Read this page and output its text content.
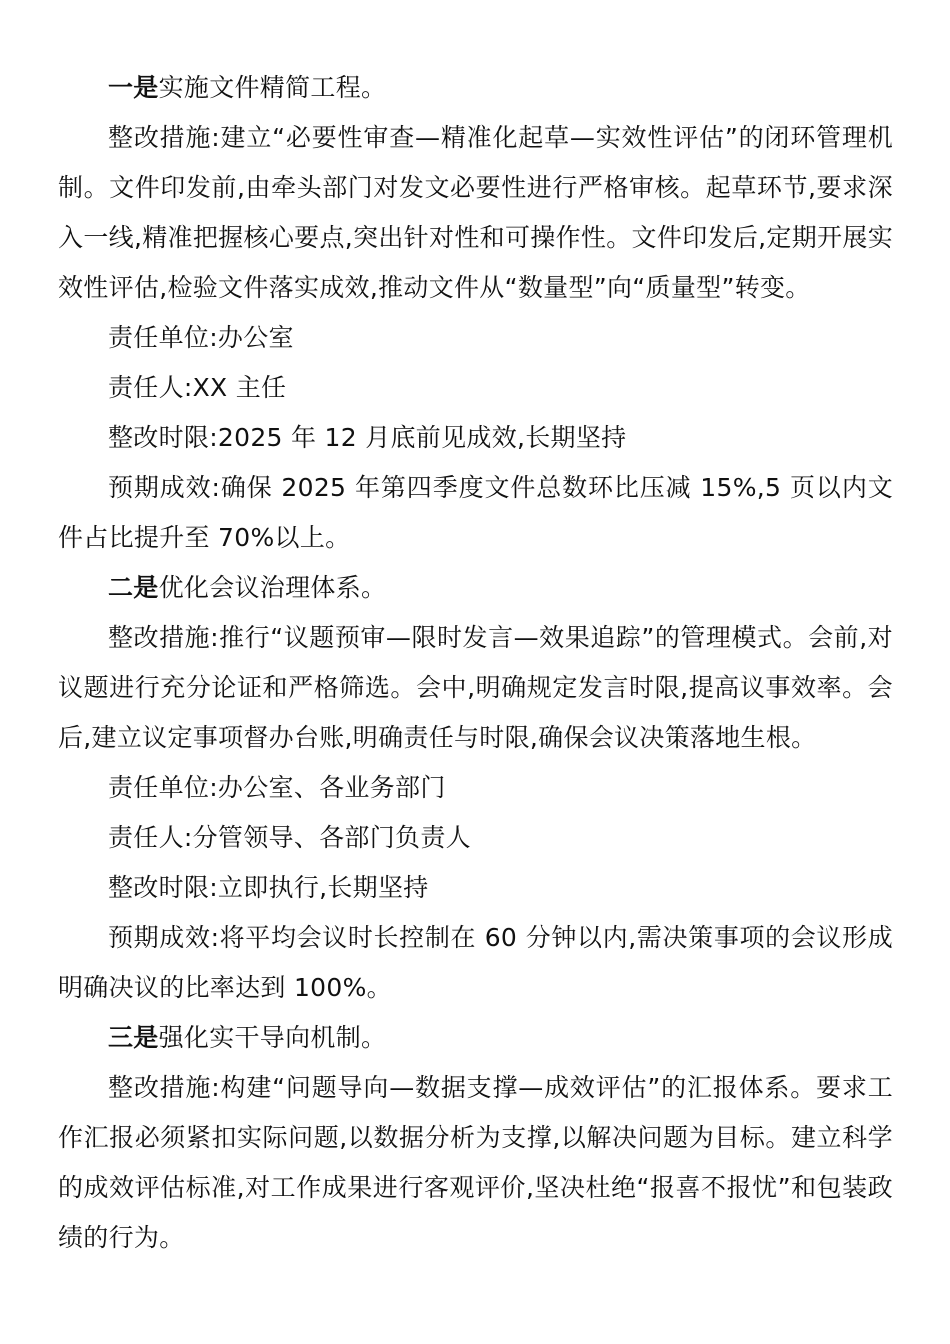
一是实施文件精简工程。

整改措施:建立“必要性审查—精准化起草—实效性评估”的闭环管理机制。文件印发前,由牵头部门对发文必要性进行严格审核。起草环节,要求深入一线,精准把握核心要点,突出针对性和可操作性。文件印发后,定期开展实效性评估,检验文件落实成效,推动文件从“数量型”向“质量型”转变。

责任单位:办公室

责任人:XX 主任

整改时限:2025 年 12 月底前见成效,长期坚持

预期成效:确保 2025 年第四季度文件总数环比压减 15%,5 页以内文件占比提升至 70%以上。

二是优化会议治理体系。

整改措施:推行“议题预审—限时发言—效果追踪”的管理模式。会前,对议题进行充分论证和严格筛选。会中,明确规定发言时限,提高议事效率。会后,建立议定事项督办台账,明确责任与时限,确保会议决策落地生根。

责任单位:办公室、各业务部门

责任人:分管领导、各部门负责人

整改时限:立即执行,长期坚持

预期成效:将平均会议时长控制在 60 分钟以内,需决策事项的会议形成明确决议的比率达到 100%。

三是强化实干导向机制。

整改措施:构建“问题导向—数据支撑—成效评估”的汇报体系。要求工作汇报必须紧扣实际问题,以数据分析为支撑,以解决问题为目标。建立科学的成效评估标准,对工作成果进行客观评价,坚决杜绝“报喜不报忧”和包装政绩的行为。
